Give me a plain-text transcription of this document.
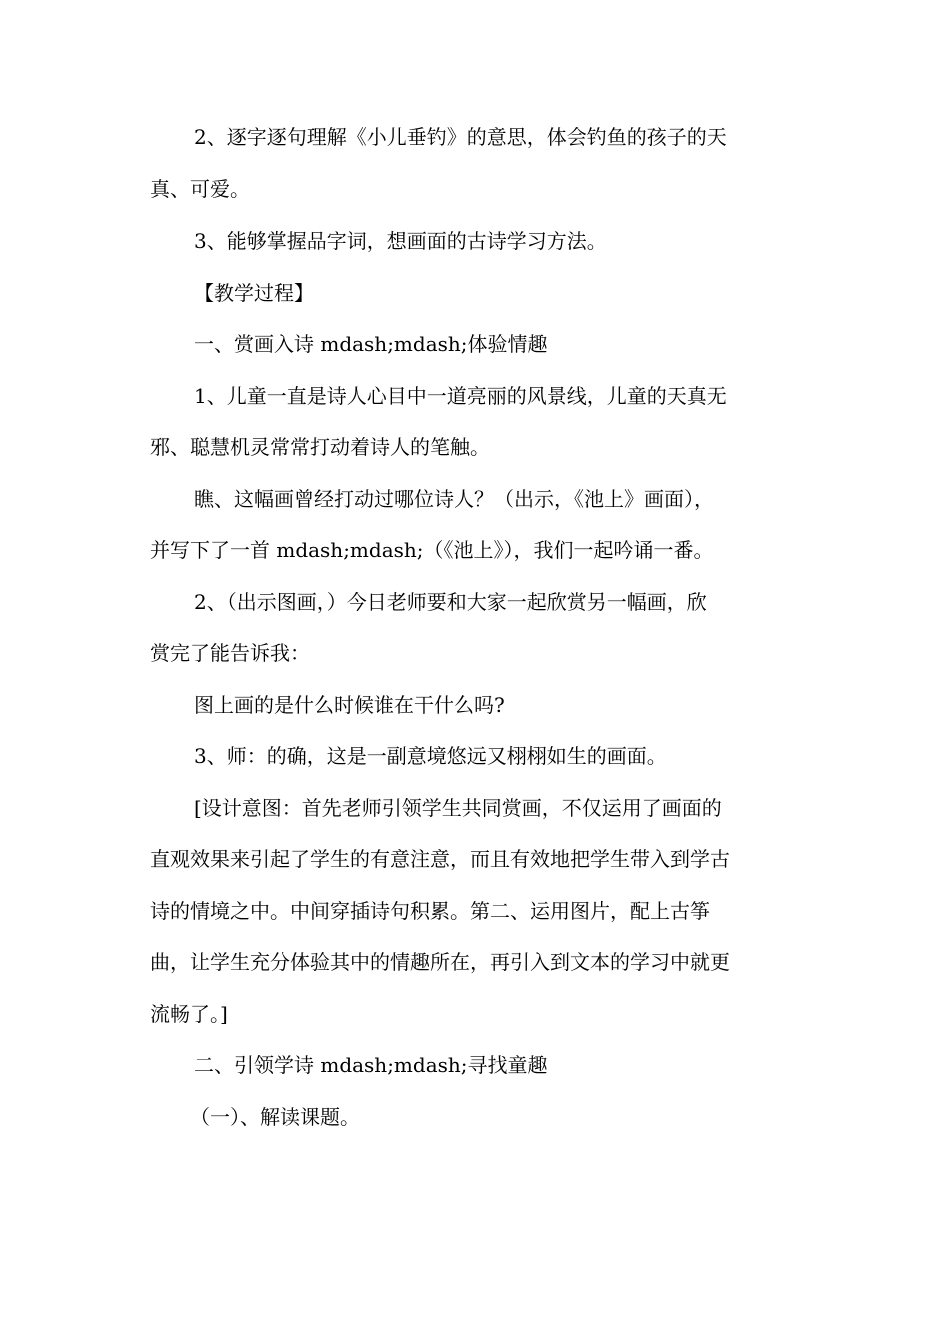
2、逐字逐句理解《小儿垂钓》的意思，体会钓鱼的孩子的天
真、可爱。
3、能够掌握品字词，想画面的古诗学习方法。
【教学过程】
一、赏画入诗 mdash;mdash;体验情趣
1、儿童一直是诗人心目中一道亮丽的风景线，儿童的天真无
邪、聪慧机灵常常打动着诗人的笔触。
瞧、这幅画曾经打动过哪位诗人？（出示，《池上》画面），
并写下了一首 mdash;mdash;（《池上》），我们一起吟诵一番。
2、（出示图画，）今日老师要和大家一起欣赏另一幅画，欣
赏完了能告诉我：
图上画的是什么时候谁在干什么吗?
3、师：的确，这是一副意境悠远又栩栩如生的画面。
[设计意图：首先老师引领学生共同赏画，不仅运用了画面的
直观效果来引起了学生的有意注意，而且有效地把学生带入到学古
诗的情境之中。中间穿插诗句积累。第二、运用图片，配上古筝
曲，让学生充分体验其中的情趣所在，再引入到文本的学习中就更
流畅了。]
二、引领学诗 mdash;mdash;寻找童趣
（一）、解读课题。
